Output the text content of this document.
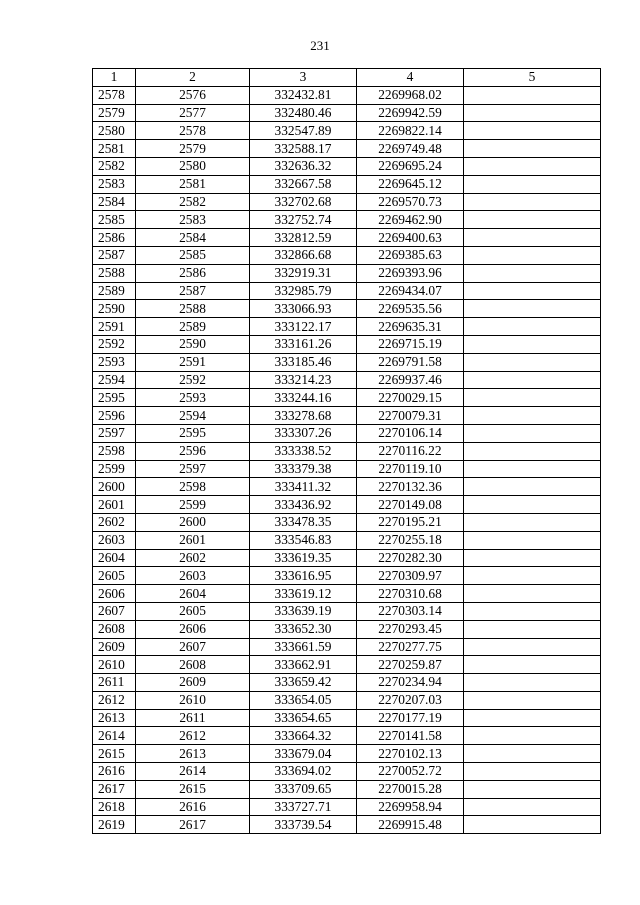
231
1	2	3	4	5
2578	2576	332432.81	2269968.02	
2579	2577	332480.46	2269942.59	
2580	2578	332547.89	2269822.14	
2581	2579	332588.17	2269749.48	
2582	2580	332636.32	2269695.24	
2583	2581	332667.58	2269645.12	
2584	2582	332702.68	2269570.73	
2585	2583	332752.74	2269462.90	
2586	2584	332812.59	2269400.63	
2587	2585	332866.68	2269385.63	
2588	2586	332919.31	2269393.96	
2589	2587	332985.79	2269434.07	
2590	2588	333066.93	2269535.56	
2591	2589	333122.17	2269635.31	
2592	2590	333161.26	2269715.19	
2593	2591	333185.46	2269791.58	
2594	2592	333214.23	2269937.46	
2595	2593	333244.16	2270029.15	
2596	2594	333278.68	2270079.31	
2597	2595	333307.26	2270106.14	
2598	2596	333338.52	2270116.22	
2599	2597	333379.38	2270119.10	
2600	2598	333411.32	2270132.36	
2601	2599	333436.92	2270149.08	
2602	2600	333478.35	2270195.21	
2603	2601	333546.83	2270255.18	
2604	2602	333619.35	2270282.30	
2605	2603	333616.95	2270309.97	
2606	2604	333619.12	2270310.68	
2607	2605	333639.19	2270303.14	
2608	2606	333652.30	2270293.45	
2609	2607	333661.59	2270277.75	
2610	2608	333662.91	2270259.87	
2611	2609	333659.42	2270234.94	
2612	2610	333654.05	2270207.03	
2613	2611	333654.65	2270177.19	
2614	2612	333664.32	2270141.58	
2615	2613	333679.04	2270102.13	
2616	2614	333694.02	2270052.72	
2617	2615	333709.65	2270015.28	
2618	2616	333727.71	2269958.94	
2619	2617	333739.54	2269915.48	
